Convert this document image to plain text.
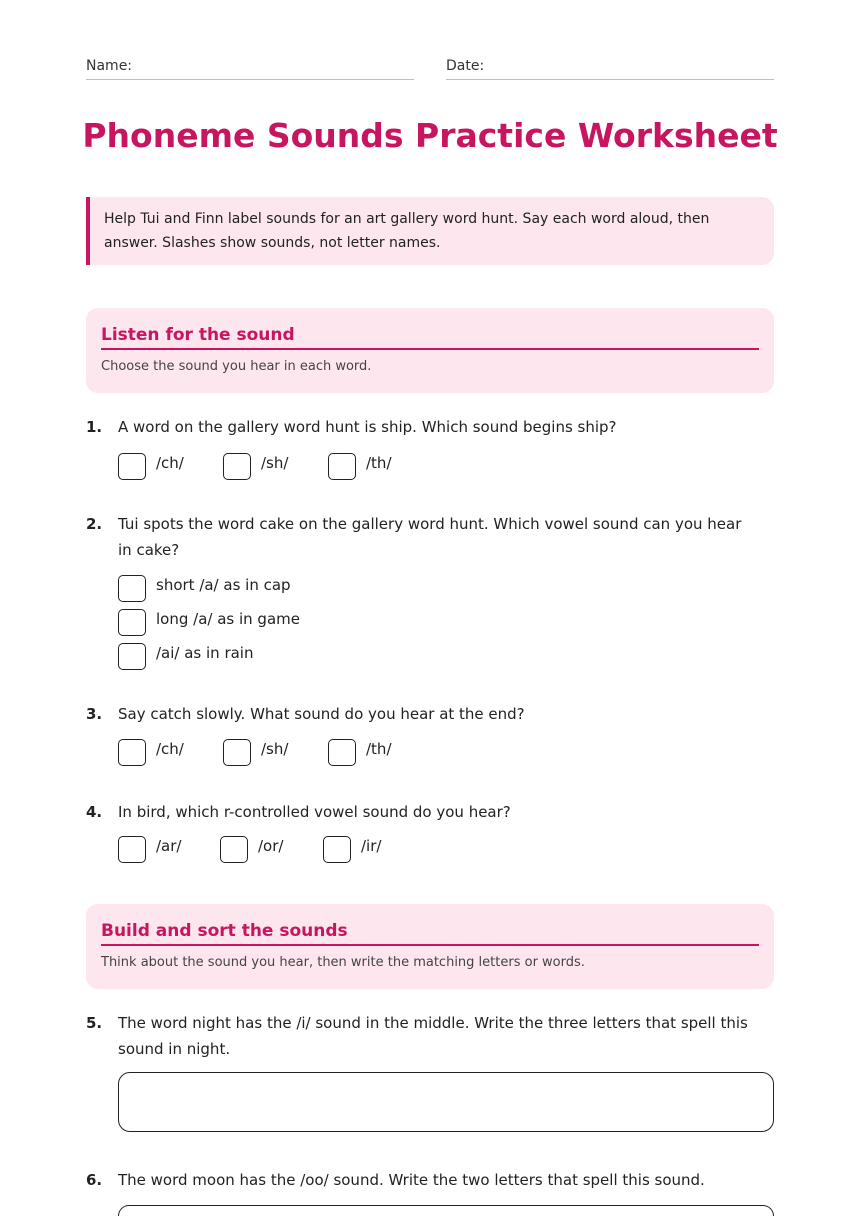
Name:	Date:
Phoneme Sounds Practice Worksheet
Help Tui and Finn label sounds for an art gallery word hunt. Say each word aloud, then answer. Slashes show sounds, not letter names.
Listen for the sound
Choose the sound you hear in each word.
1. A word on the gallery word hunt is ship. Which sound begins ship?
/ch/	/sh/	/th/
2. Tui spots the word cake on the gallery word hunt. Which vowel sound can you hear in cake?
short /a/ as in cap
long /a/ as in game
/ai/ as in rain
3. Say catch slowly. What sound do you hear at the end?
/ch/	/sh/	/th/
4. In bird, which r-controlled vowel sound do you hear?
/ar/	/or/	/ir/
Build and sort the sounds
Think about the sound you hear, then write the matching letters or words.
5. The word night has the /i/ sound in the middle. Write the three letters that spell this sound in night.
6. The word moon has the /oo/ sound. Write the two letters that spell this sound.
